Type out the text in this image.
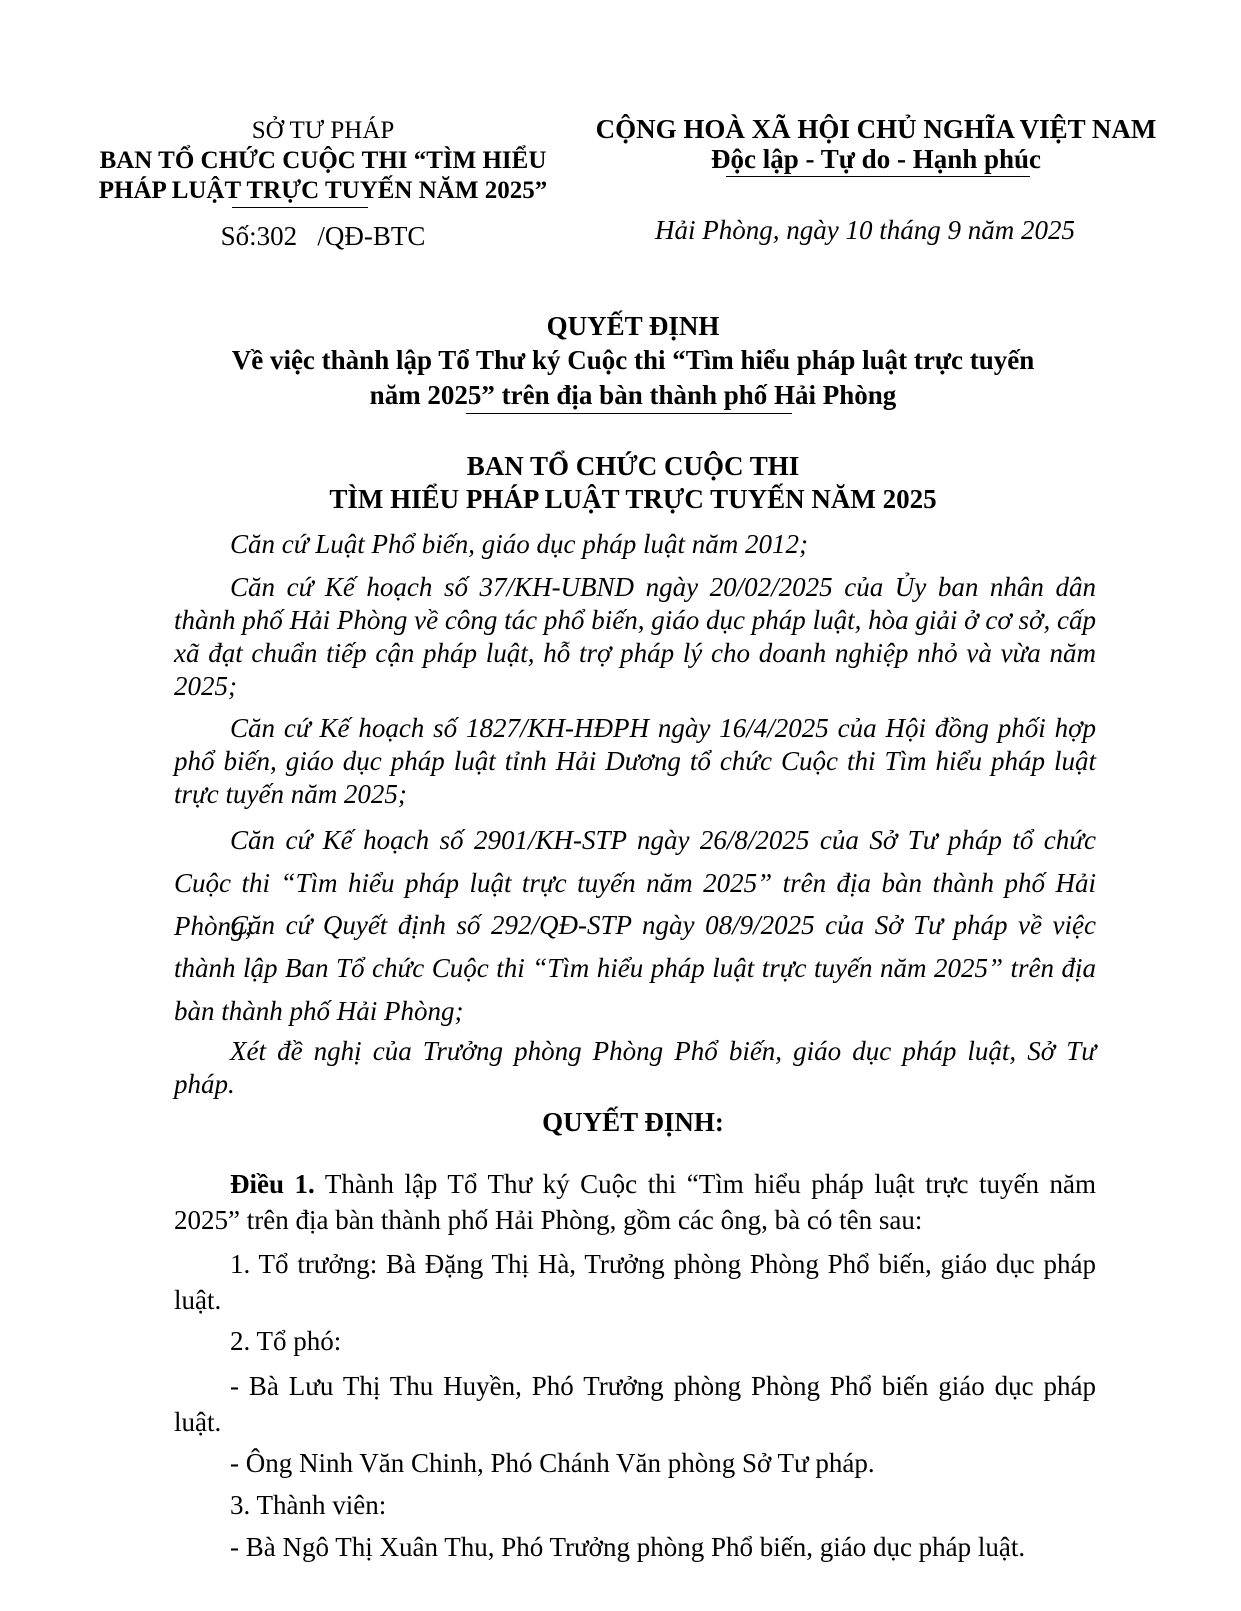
SỞ TƯ PHÁP
BAN TỔ CHỨC CUỘC THI “TÌM HIỂU
PHÁP LUẬT TRỰC TUYẾN NĂM 2025”
Số:302   /QĐ-BTC
CỘNG HOÀ XÃ HỘI CHỦ NGHĨA VIỆT NAM
Độc lập - Tự do - Hạnh phúc
Hải Phòng, ngày 10 tháng 9 năm 2025
QUYẾT ĐỊNH
Về việc thành lập Tổ Thư ký Cuộc thi “Tìm hiểu pháp luật trực tuyến
năm 2025” trên địa bàn thành phố Hải Phòng
BAN TỔ CHỨC CUỘC THI
TÌM HIỂU PHÁP LUẬT TRỰC TUYẾN NĂM 2025
Căn cứ Luật Phổ biến, giáo dục pháp luật năm 2012;
Căn cứ Kế hoạch số 37/KH-UBND ngày 20/02/2025 của Ủy ban nhân dân thành phố Hải Phòng về công tác phổ biến, giáo dục pháp luật, hòa giải ở cơ sở, cấp xã đạt chuẩn tiếp cận pháp luật, hỗ trợ pháp lý cho doanh nghiệp nhỏ và vừa năm 2025;
Căn cứ Kế hoạch số 1827/KH-HĐPH ngày 16/4/2025 của Hội đồng phối hợp phổ biến, giáo dục pháp luật tỉnh Hải Dương tổ chức Cuộc thi Tìm hiểu pháp luật trực tuyến năm 2025;
Căn cứ Kế hoạch số 2901/KH-STP ngày 26/8/2025 của Sở Tư pháp tổ chức Cuộc thi “Tìm hiểu pháp luật trực tuyến năm 2025” trên địa bàn thành phố Hải Phòng;
Căn cứ Quyết định số 292/QĐ-STP ngày 08/9/2025 của Sở Tư pháp về việc thành lập Ban Tổ chức Cuộc thi “Tìm hiểu pháp luật trực tuyến năm 2025” trên địa bàn thành phố Hải Phòng;
Xét đề nghị của Trưởng phòng Phòng Phổ biến, giáo dục pháp luật, Sở Tư pháp.
QUYẾT ĐỊNH:
Điều 1. Thành lập Tổ Thư ký Cuộc thi “Tìm hiểu pháp luật trực tuyến năm 2025” trên địa bàn thành phố Hải Phòng, gồm các ông, bà có tên sau:
1. Tổ trưởng: Bà Đặng Thị Hà, Trưởng phòng Phòng Phổ biến, giáo dục pháp luật.
2. Tổ phó:
- Bà Lưu Thị Thu Huyền, Phó Trưởng phòng Phòng Phổ biến giáo dục pháp luật.
- Ông Ninh Văn Chinh, Phó Chánh Văn phòng Sở Tư pháp.
3. Thành viên:
- Bà Ngô Thị Xuân Thu, Phó Trưởng phòng Phổ biến, giáo dục pháp luật.
